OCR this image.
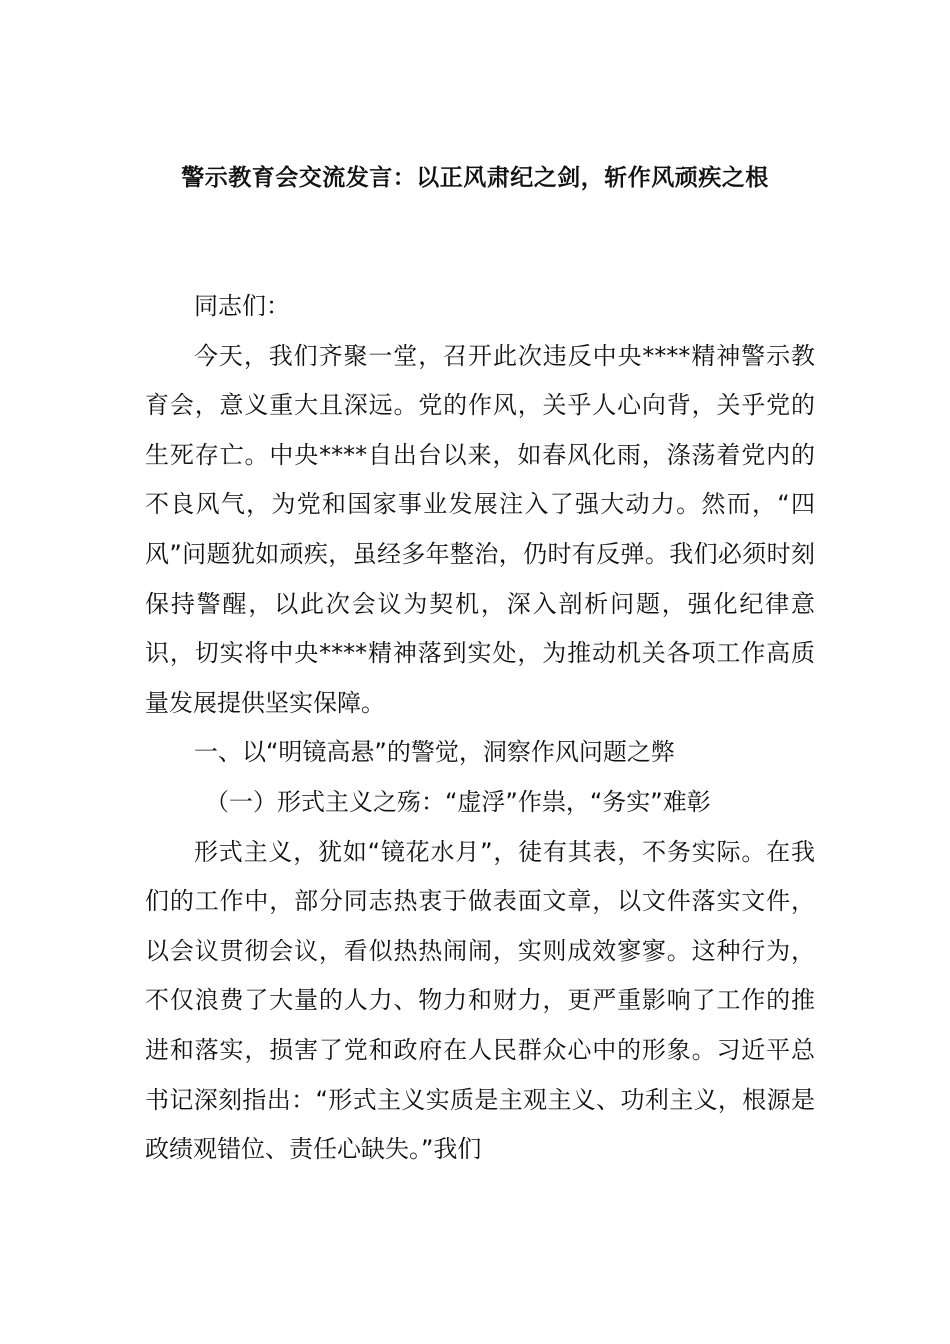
警示教育会交流发言：以正风肃纪之剑，斩作风顽疾之根

同志们：

今天，我们齐聚一堂，召开此次违反中央****精神警示教育会，意义重大且深远。党的作风，关乎人心向背，关乎党的生死存亡。中央****自出台以来，如春风化雨，涤荡着党内的不良风气，为党和国家事业发展注入了强大动力。然而，“四风”问题犹如顽疾，虽经多年整治，仍时有反弹。我们必须时刻保持警醒，以此次会议为契机，深入剖析问题，强化纪律意识，切实将中央****精神落到实处，为推动机关各项工作高质量发展提供坚实保障。

一、以“明镜高悬”的警觉，洞察作风问题之弊

（一）形式主义之殇：“虚浮”作祟，“务实”难彰

形式主义，犹如“镜花水月”，徒有其表，不务实际。在我们的工作中，部分同志热衷于做表面文章，以文件落实文件，以会议贯彻会议，看似热热闹闹，实则成效寥寥。这种行为，不仅浪费了大量的人力、物力和财力，更严重影响了工作的推进和落实，损害了党和政府在人民群众心中的形象。习近平总书记深刻指出：“形式主义实质是主观主义、功利主义，根源是政绩观错位、责任心缺失。”我们
